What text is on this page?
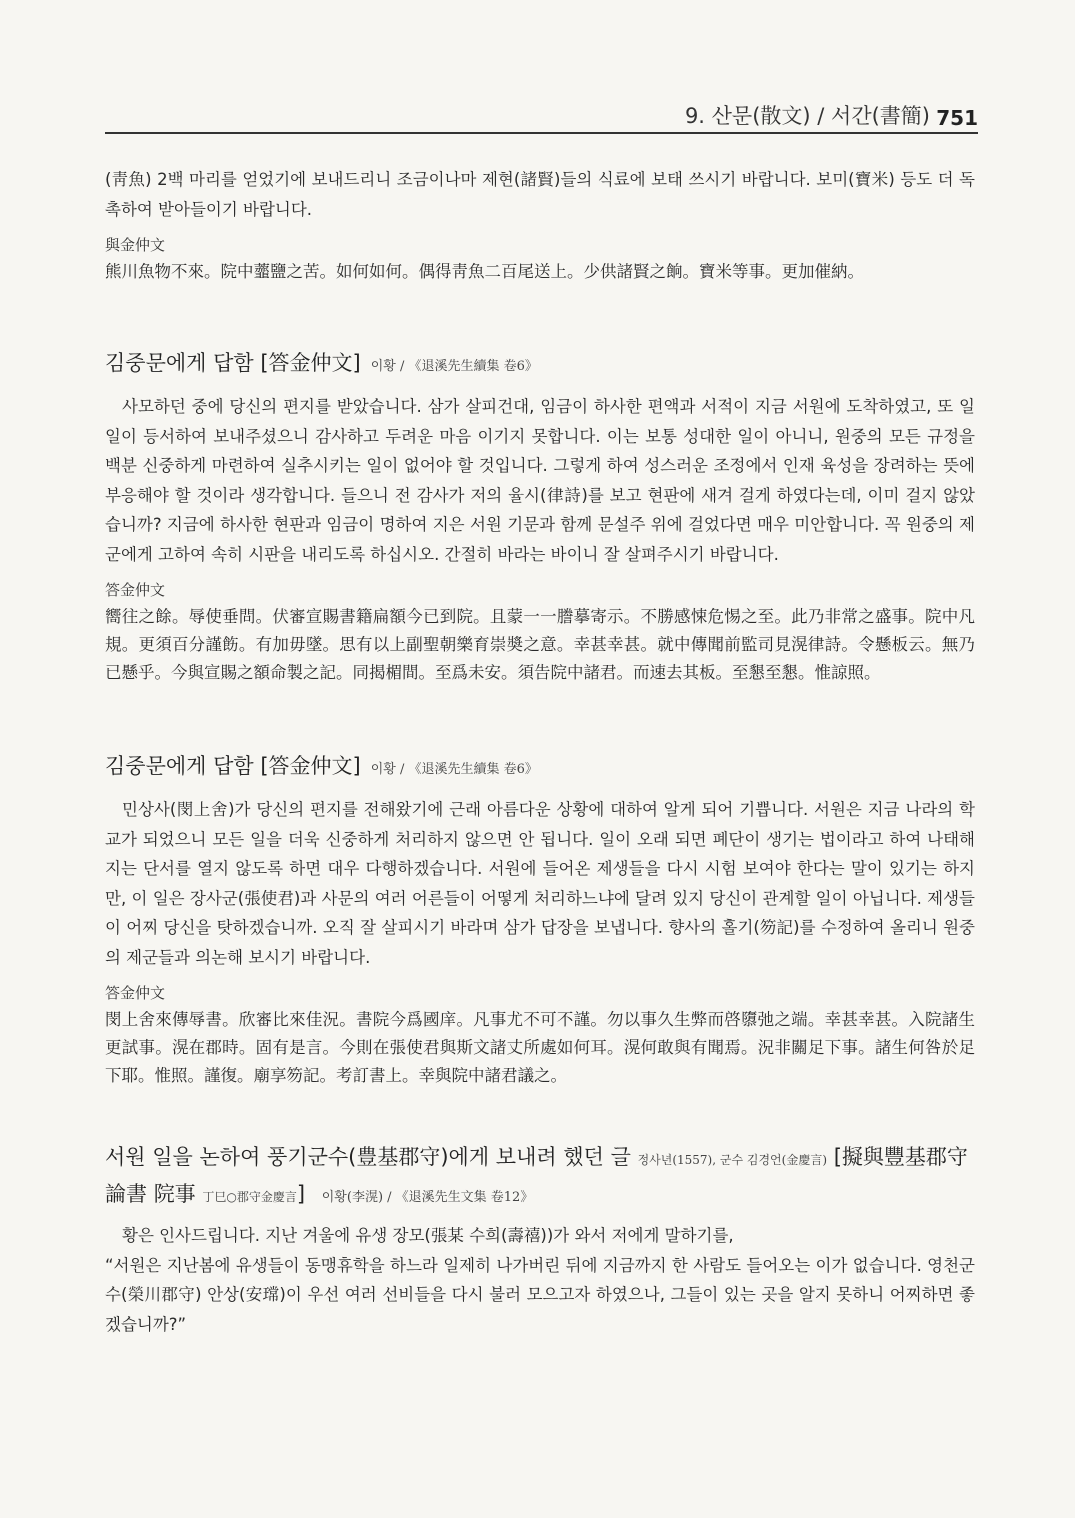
9. 산문(散文) / 서간(書簡) 751

(靑魚) 2백 마리를 얻었기에 보내드리니 조금이나마 제현(諸賢)들의 식료에 보태 쓰시기 바랍니다. 보미(寶米) 등도 더 독촉하여 받아들이기 바랍니다.

與金仲文

熊川魚物不來。院中虀鹽之苦。如何如何。偶得靑魚二百尾送上。少供諸賢之餉。寶米等事。更加催納。

김중문에게 답함 [答金仲文] 이황 / 《退溪先生續集 卷6》

사모하던 중에 당신의 편지를 받았습니다. 삼가 살피건대, 임금이 하사한 편액과 서적이 지금 서원에 도착하였고, 또 일일이 등서하여 보내주셨으니 감사하고 두려운 마음 이기지 못합니다. 이는 보통 성대한 일이 아니니, 원중의 모든 규정을 백분 신중하게 마련하여 실추시키는 일이 없어야 할 것입니다. 그렇게 하여 성스러운 조정에서 인재 육성을 장려하는 뜻에 부응해야 할 것이라 생각합니다. 들으니 전 감사가 저의 율시(律詩)를 보고 현판에 새겨 걸게 하였다는데, 이미 걸지 않았습니까? 지금에 하사한 현판과 임금이 명하여 지은 서원 기문과 함께 문설주 위에 걸었다면 매우 미안합니다. 꼭 원중의 제군에게 고하여 속히 시판을 내리도록 하십시오. 간절히 바라는 바이니 잘 살펴주시기 바랍니다.

答金仲文

嚮往之餘。辱使垂問。伏審宣賜書籍扁額今已到院。且蒙一一謄摹寄示。不勝感悚危惕之至。此乃非常之盛事。院中凡規。更須百分謹飭。有加毋墜。思有以上副聖朝樂育崇奬之意。幸甚幸甚。就中傳聞前監司見滉律詩。令懸板云。無乃已懸乎。今與宣賜之額命製之記。同揭楣間。至爲未安。須告院中諸君。而速去其板。至懇至懇。惟諒照。

김중문에게 답함 [答金仲文] 이황 / 《退溪先生續集 卷6》

민상사(閔上舍)가 당신의 편지를 전해왔기에 근래 아름다운 상황에 대하여 알게 되어 기쁩니다. 서원은 지금 나라의 학교가 되었으니 모든 일을 더욱 신중하게 처리하지 않으면 안 됩니다. 일이 오래 되면 폐단이 생기는 법이라고 하여 나태해지는 단서를 열지 않도록 하면 대우 다행하겠습니다. 서원에 들어온 제생들을 다시 시험 보여야 한다는 말이 있기는 하지만, 이 일은 장사군(張使君)과 사문의 여러 어른들이 어떻게 처리하느냐에 달려 있지 당신이 관계할 일이 아닙니다. 제생들이 어찌 당신을 탓하겠습니까. 오직 잘 살피시기 바라며 삼가 답장을 보냅니다. 향사의 홀기(笏記)를 수정하여 올리니 원중의 제군들과 의논해 보시기 바랍니다.

答金仲文

閔上舍來傳辱書。欣審比來佳況。書院今爲國庠。凡事尤不可不謹。勿以事久生弊而啓隳弛之端。幸甚幸甚。入院諸生更試事。滉在郡時。固有是言。今則在張使君與斯文諸丈所處如何耳。滉何敢與有聞焉。況非關足下事。諸生何咎於足下耶。惟照。謹復。廟享笏記。考訂書上。幸與院中諸君議之。

서원 일을 논하여 풍기군수(豊基郡守)에게 보내려 했던 글 정사년(1557), 군수 김경언(金慶言) [擬與豐基郡守論書 院事 丁巳○郡守金慶言] 이황(李滉) / 《退溪先生文集 卷12》

황은 인사드립니다. 지난 겨울에 유생 장모(張某 수희(壽禧))가 와서 저에게 말하기를,

“서원은 지난봄에 유생들이 동맹휴학을 하느라 일제히 나가버린 뒤에 지금까지 한 사람도 들어오는 이가 없습니다. 영천군수(榮川郡守) 안상(安瑺)이 우선 여러 선비들을 다시 불러 모으고자 하였으나, 그들이 있는 곳을 알지 못하니 어찌하면 좋겠습니까?”
